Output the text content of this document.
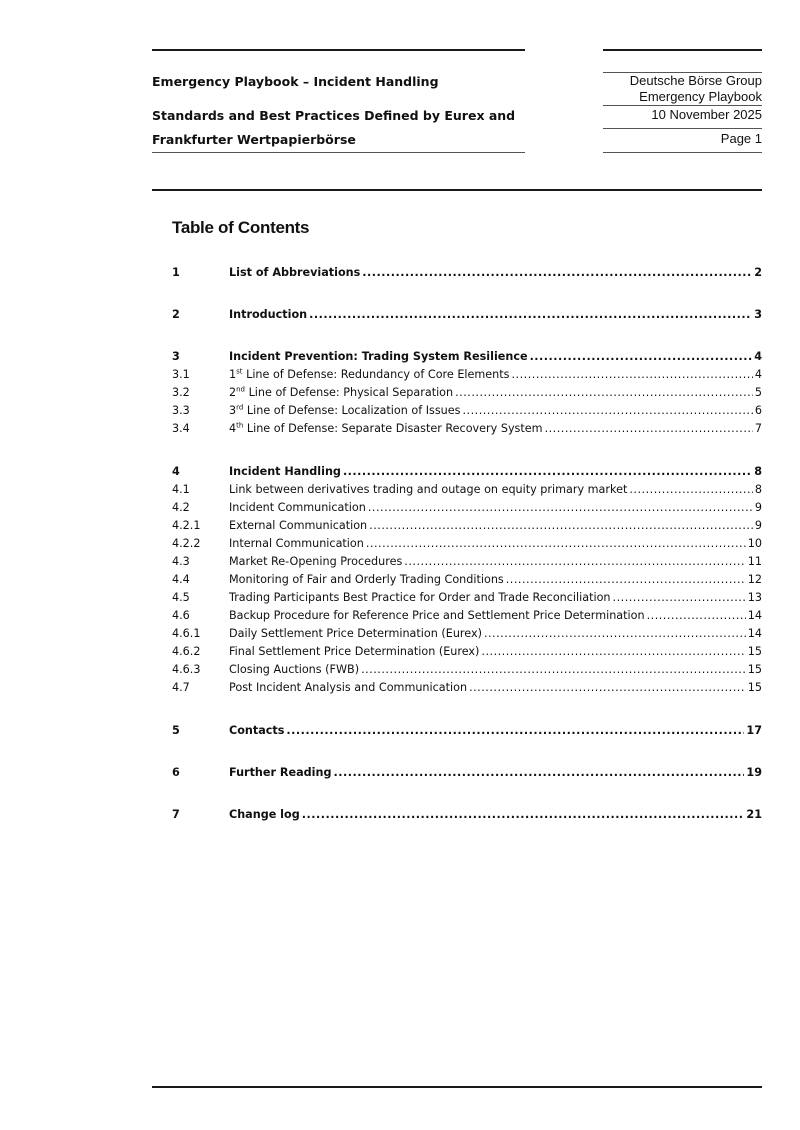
Emergency Playbook – Incident Handling
Standards and Best Practices Defined by Eurex and
Frankfurter Wertpapierbörse
Deutsche Börse Group
Emergency Playbook
10 November 2025
Page 1
Table of Contents
1	List of Abbreviations .....	2
2	Introduction .....	3
3	Incident Prevention: Trading System Resilience .....	4
3.1	1st Line of Defense: Redundancy of Core Elements .....	4
3.2	2nd Line of Defense: Physical Separation .....	5
3.3	3rd Line of Defense: Localization of Issues .....	6
3.4	4th Line of Defense: Separate Disaster Recovery System .....	7
4	Incident Handling .....	8
4.1	Link between derivatives trading and outage on equity primary market .....	8
4.2	Incident Communication .....	9
4.2.1	External Communication .....	9
4.2.2	Internal Communication .....	10
4.3	Market Re-Opening Procedures .....	11
4.4	Monitoring of Fair and Orderly Trading Conditions .....	12
4.5	Trading Participants Best Practice for Order and Trade Reconciliation .....	13
4.6	Backup Procedure for Reference Price and Settlement Price Determination .....	14
4.6.1	Daily Settlement Price Determination (Eurex) .....	14
4.6.2	Final Settlement Price Determination (Eurex) .....	15
4.6.3	Closing Auctions (FWB) .....	15
4.7	Post Incident Analysis and Communication .....	15
5	Contacts .....	17
6	Further Reading .....	19
7	Change log .....	21
